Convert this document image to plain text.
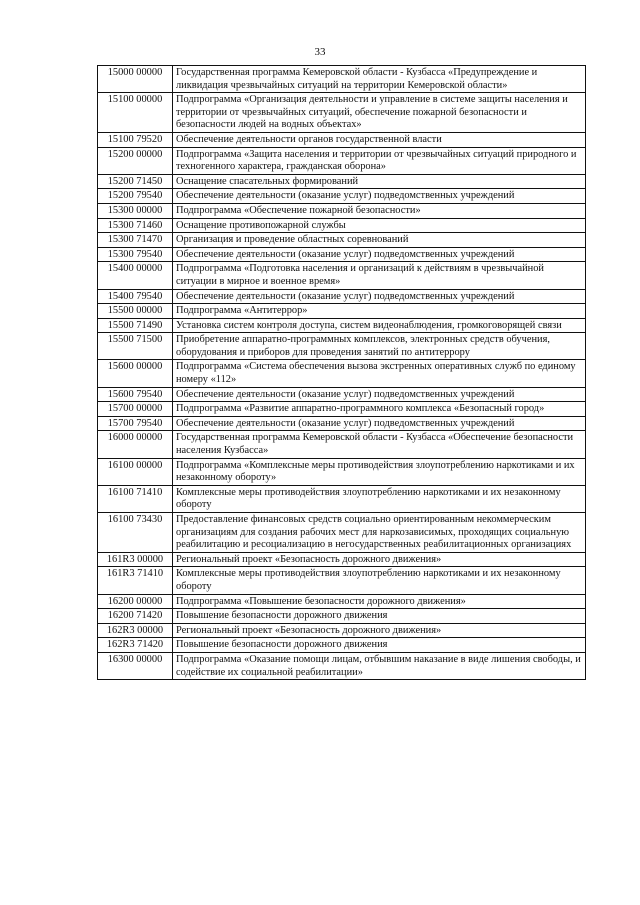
33
15000 00000	Государственная программа Кемеровской области - Кузбасса «Предупреждение и ликвидация чрезвычайных ситуаций на территории Кемеровской области»
15100 00000	Подпрограмма «Организация деятельности и управление в системе защиты населения и территории от чрезвычайных ситуаций, обеспечение пожарной безопасности и безопасности людей на водных объектах»
15100 79520	Обеспечение деятельности органов государственной власти
15200 00000	Подпрограмма «Защита населения и территории от чрезвычайных ситуаций природного и техногенного характера, гражданская оборона»
15200 71450	Оснащение спасательных формирований
15200 79540	Обеспечение деятельности (оказание услуг) подведомственных учреждений
15300 00000	Подпрограмма «Обеспечение пожарной безопасности»
15300 71460	Оснащение противопожарной службы
15300 71470	Организация и проведение областных соревнований
15300 79540	Обеспечение деятельности (оказание услуг) подведомственных учреждений
15400 00000	Подпрограмма «Подготовка населения и организаций к действиям в чрезвычайной ситуации в мирное и военное время»
15400 79540	Обеспечение деятельности (оказание услуг) подведомственных учреждений
15500 00000	Подпрограмма «Антитеррор»
15500 71490	Установка систем контроля доступа, систем видеонаблюдения, громкоговорящей связи
15500 71500	Приобретение аппаратно-программных комплексов, электронных средств обучения, оборудования и приборов для проведения занятий по антитеррору
15600 00000	Подпрограмма «Система обеспечения вызова экстренных оперативных служб по единому номеру «112»
15600 79540	Обеспечение деятельности (оказание услуг) подведомственных учреждений
15700 00000	Подпрограмма «Развитие аппаратно-программного комплекса «Безопасный город»
15700 79540	Обеспечение деятельности (оказание услуг) подведомственных учреждений
16000 00000	Государственная программа Кемеровской области - Кузбасса «Обеспечение безопасности населения Кузбасса»
16100 00000	Подпрограмма «Комплексные меры противодействия злоупотреблению наркотиками и их незаконному обороту»
16100 71410	Комплексные меры противодействия злоупотреблению наркотиками и их незаконному обороту
16100 73430	Предоставление финансовых средств социально ориентированным некоммерческим организациям для создания рабочих мест для наркозависимых, проходящих социальную реабилитацию и ресоциализацию в негосударственных реабилитационных организациях
161R3 00000	Региональный проект «Безопасность дорожного движения»
161R3 71410	Комплексные меры противодействия злоупотреблению наркотиками и их незаконному обороту
16200 00000	Подпрограмма «Повышение безопасности дорожного движения»
16200 71420	Повышение безопасности дорожного движения
162R3 00000	Региональный проект «Безопасность дорожного движения»
162R3 71420	Повышение безопасности дорожного движения
16300 00000	Подпрограмма «Оказание помощи лицам, отбывшим наказание в виде лишения свободы, и содействие их социальной реабилитации»
